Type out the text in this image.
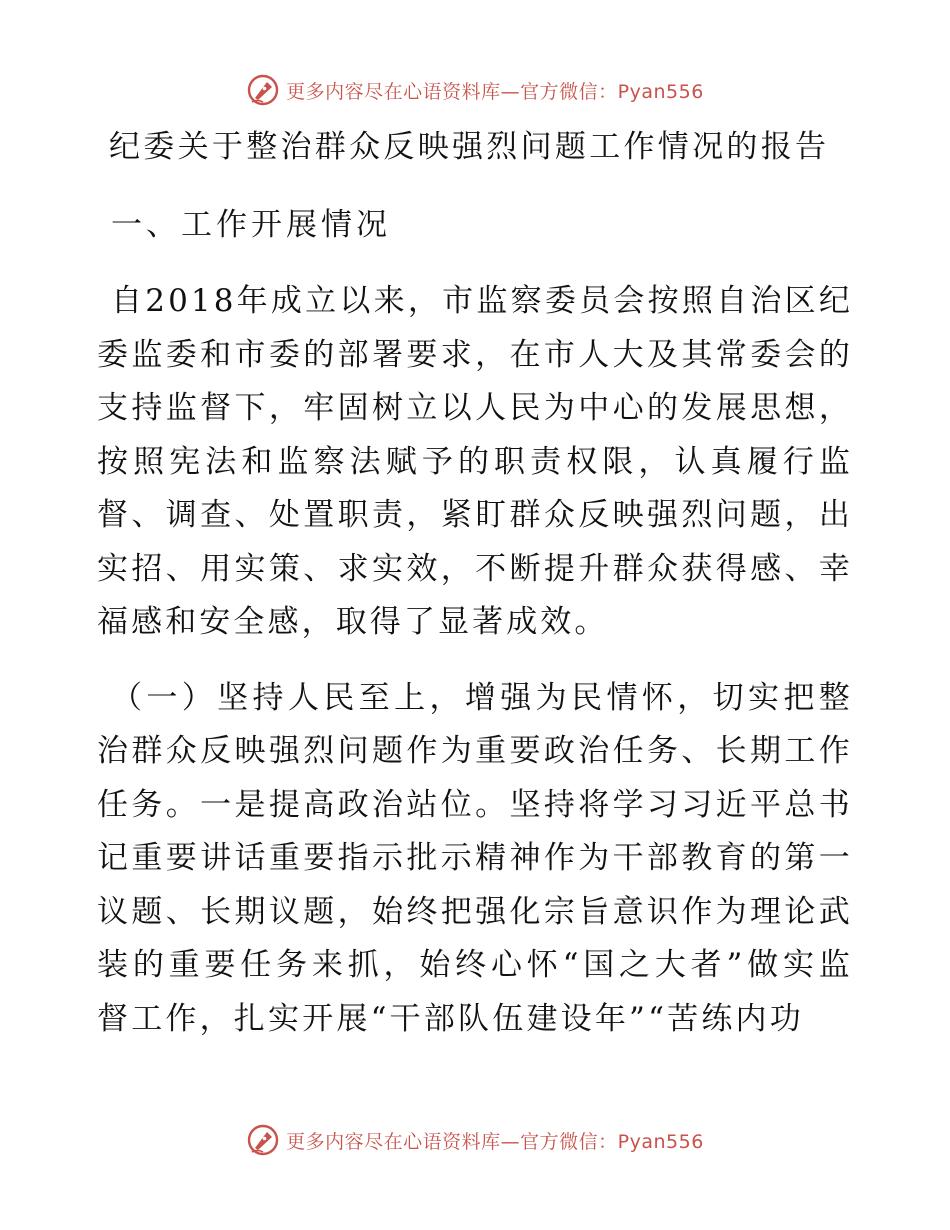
更多内容尽在心语资料库—官方微信：Pyan556
纪委关于整治群众反映强烈问题工作情况的报告
一、工作开展情况

自2018年成立以来，市监察委员会按照自治区纪委监委和市委的部署要求，在市人大及其常委会的支持监督下，牢固树立以人民为中心的发展思想，按照宪法和监察法赋予的职责权限，认真履行监督、调查、处置职责，紧盯群众反映强烈问题，出实招、用实策、求实效，不断提升群众获得感、幸福感和安全感，取得了显著成效。

（一）坚持人民至上，增强为民情怀，切实把整治群众反映强烈问题作为重要政治任务、长期工作任务。一是提高政治站位。坚持将学习习近平总书记重要讲话重要指示批示精神作为干部教育的第一议题、长期议题，始终把强化宗旨意识作为理论武装的重要任务来抓，始终心怀“国之大者”做实监督工作，扎实开展“干部队伍建设年”“苦练内功

更多内容尽在心语资料库—官方微信：Pyan556
